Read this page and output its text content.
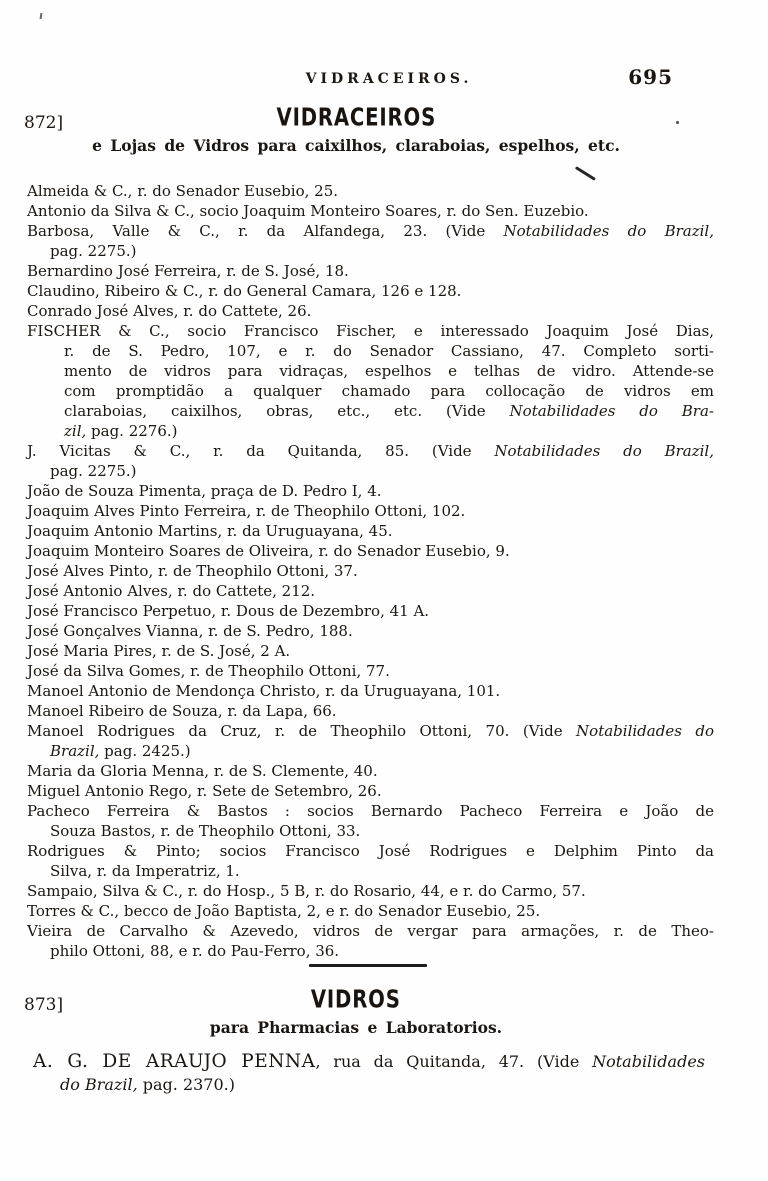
VIDRACEIROS.	695
872]	VIDRACEIROS
e Lojas de Vidros para caixilhos, claraboias, espelhos, etc.

Almeida & C., r. do Senador Eusebio, 25.

Antonio da Silva & C., socio Joaquim Monteiro Soares, r. do Sen. Euzebio.

Barbosa, Valle & C., r. da Alfandega, 23. (Vide Notabilidades do Brazil,
pag. 2275.)

Bernardino José Ferreira, r. de S. José, 18.

Claudino, Ribeiro & C., r. do General Camara, 126 e 128.

Conrado José Alves, r. do Cattete, 26.

FISCHER & C., socio Francisco Fischer, e interessado Joaquim José Dias,
r. de S. Pedro, 107, e r. do Senador Cassiano, 47. Completo sorti-
mento de vidros para vidraças, espelhos e telhas de vidro. Attende-se
com promptidão a qualquer chamado para collocação de vidros em
claraboias, caixilhos, obras, etc., etc. (Vide Notabilidades do Bra-
zil, pag. 2276.)

J. Vicitas & C., r. da Quitanda, 85. (Vide Notabilidades do Brazil,
pag. 2275.)

João de Souza Pimenta, praça de D. Pedro I, 4.

Joaquim Alves Pinto Ferreira, r. de Theophilo Ottoni, 102.

Joaquim Antonio Martins, r. da Uruguayana, 45.

Joaquim Monteiro Soares de Oliveira, r. do Senador Eusebio, 9.

José Alves Pinto, r. de Theophilo Ottoni, 37.

José Antonio Alves, r. do Cattete, 212.

José Francisco Perpetuo, r. Dous de Dezembro, 41 A.

José Gonçalves Vianna, r. de S. Pedro, 188.

José Maria Pires, r. de S. José, 2 A.

José da Silva Gomes, r. de Theophilo Ottoni, 77.

Manoel Antonio de Mendonça Christo, r. da Uruguayana, 101.

Manoel Ribeiro de Souza, r. da Lapa, 66.

Manoel Rodrigues da Cruz, r. de Theophilo Ottoni, 70. (Vide Notabilidades do
Brazil, pag. 2425.)

Maria da Gloria Menna, r. de S. Clemente, 40.

Miguel Antonio Rego, r. Sete de Setembro, 26.

Pacheco Ferreira & Bastos : socios Bernardo Pacheco Ferreira e João de
Souza Bastos, r. de Theophilo Ottoni, 33.

Rodrigues & Pinto; socios Francisco José Rodrigues e Delphim Pinto da
Silva, r. da Imperatriz, 1.

Sampaio, Silva & C., r. do Hosp., 5 B, r. do Rosario, 44, e r. do Carmo, 57.

Torres & C., becco de João Baptista, 2, e r. do Senador Eusebio, 25.

Vieira de Carvalho & Azevedo, vidros de vergar para armações, r. de Theo-
philo Ottoni, 88, e r. do Pau-Ferro, 36.

873]	VIDROS
para Pharmacias e Laboratorios.

A. G. DE ARAUJO PENNA, rua da Quitanda, 47. (Vide Notabilidades
do Brazil, pag. 2370.)
